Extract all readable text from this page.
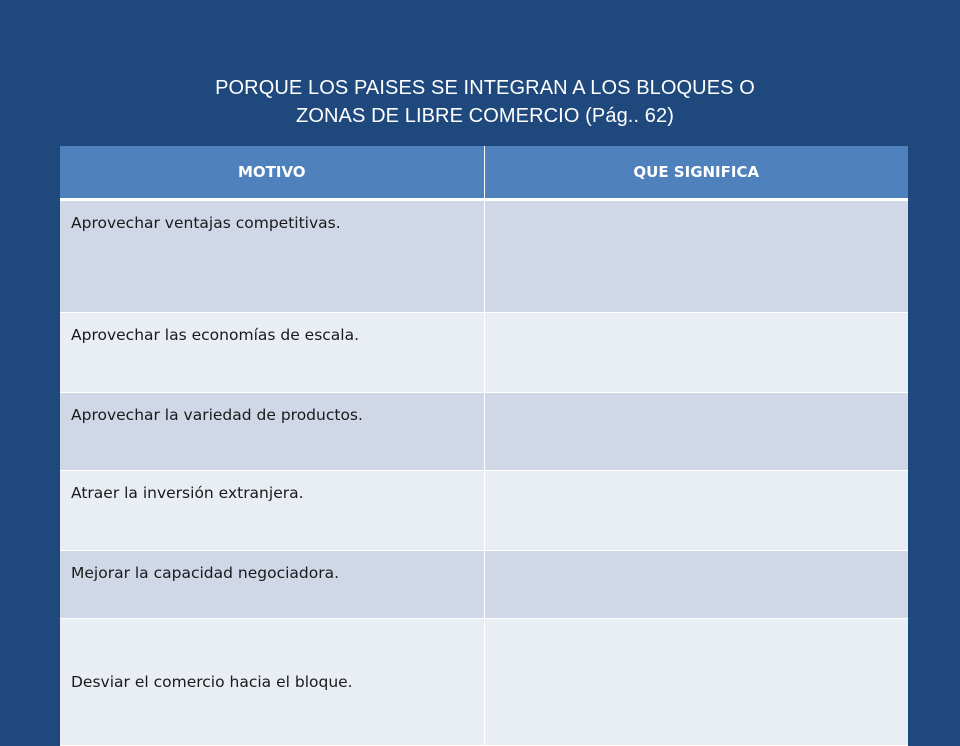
PORQUE LOS PAISES SE INTEGRAN A LOS BLOQUES O
ZONAS DE LIBRE COMERCIO (Pág.. 62)
MOTIVO	QUE SIGNIFICA
Aprovechar ventajas competitivas.	
Aprovechar las economías de escala.	
Aprovechar la variedad de productos.	
Atraer la inversión extranjera.	
Mejorar la capacidad negociadora.	
Desviar el comercio hacia el bloque.	
